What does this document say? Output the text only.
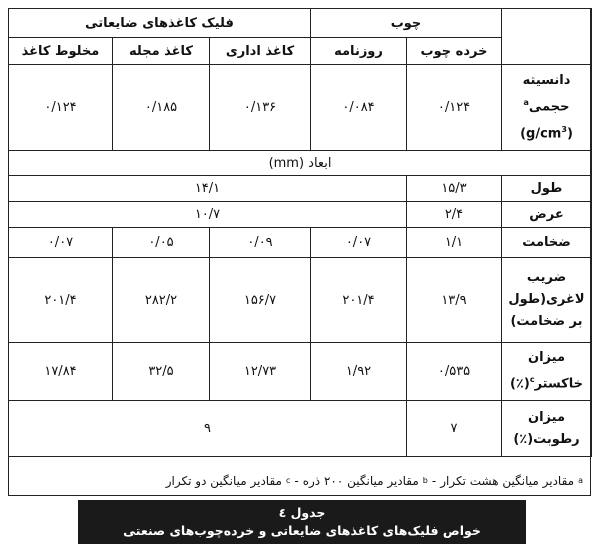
	چوب		فلیک کاغذهای ضایعاتی		
	خرده چوب	روزنامه	کاغذ اداری	کاغذ مجله	مخلوط کاغذ

دانسیته
حجمی$^a$
$(g/cm^3)$	۰/۱۲۴	۰/۰۸۴	۰/۱۳۶	۰/۱۸۵	۰/۱۲۴
ابعاد (mm)					
طول	۱۵/۳	۱۴/۱			
عرض	۲/۴	۱۰/۷			
ضخامت	۱/۱	۰/۰۷	۰/۰۹	۰/۰۵	۰/۰۷

ضریب
لاغری(طول
بر ضخامت)	۱۳/۹	۲۰۱/۴	۱۵۶/۷	۲۸۲/۲	۲۰۱/۴

میزان
خاکستر$^c$(٪)	۰/۵۳۵	۱/۹۲	۱۲/۷۳	۳۲/۵	۱۷/۸۴

میزان
رطوبت(٪)	۷	۹			
a
مقادیر میانگین هشت تکرار
-
b
مقادیر میانگین ۲۰۰ ذره
-
c
مقادیر میانگین دو تکرار
جدول ٤
خواص فلیک‌های کاغذهای ضایعاتی و خرده‌چوب‌های صنعتی
